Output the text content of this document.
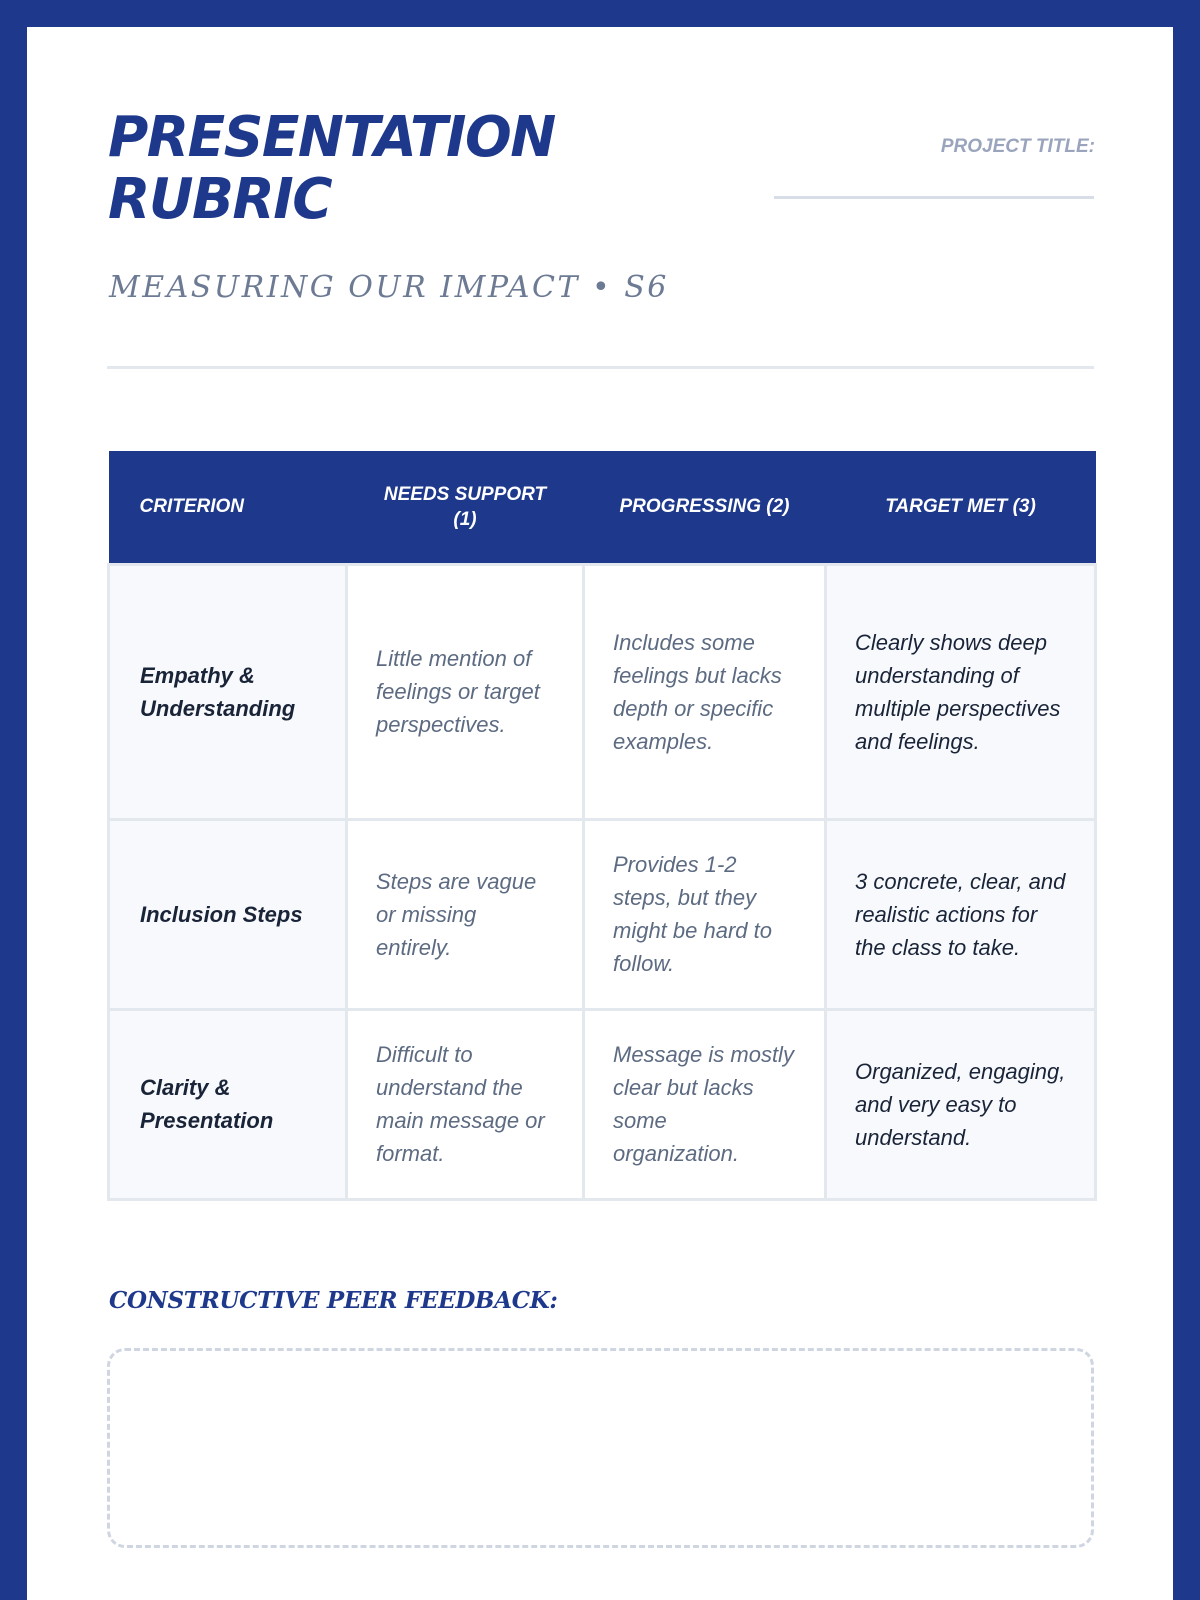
PRESENTATION
RUBRIC
MEASURING OUR IMPACT • S6
PROJECT TITLE:
CRITERION	NEEDS SUPPORT (1)	PROGRESSING (2)	TARGET MET (3)
Empathy & Understanding	Little mention of feelings or target perspectives.	Includes some feelings but lacks depth or specific examples.	Clearly shows deep understanding of multiple perspectives and feelings.
Inclusion Steps	Steps are vague or missing entirely.	Provides 1-2 steps, but they might be hard to follow.	3 concrete, clear, and realistic actions for the class to take.
Clarity & Presentation	Difficult to understand the main message or format.	Message is mostly clear but lacks some organization.	Organized, engaging, and very easy to understand.
CONSTRUCTIVE PEER FEEDBACK:
